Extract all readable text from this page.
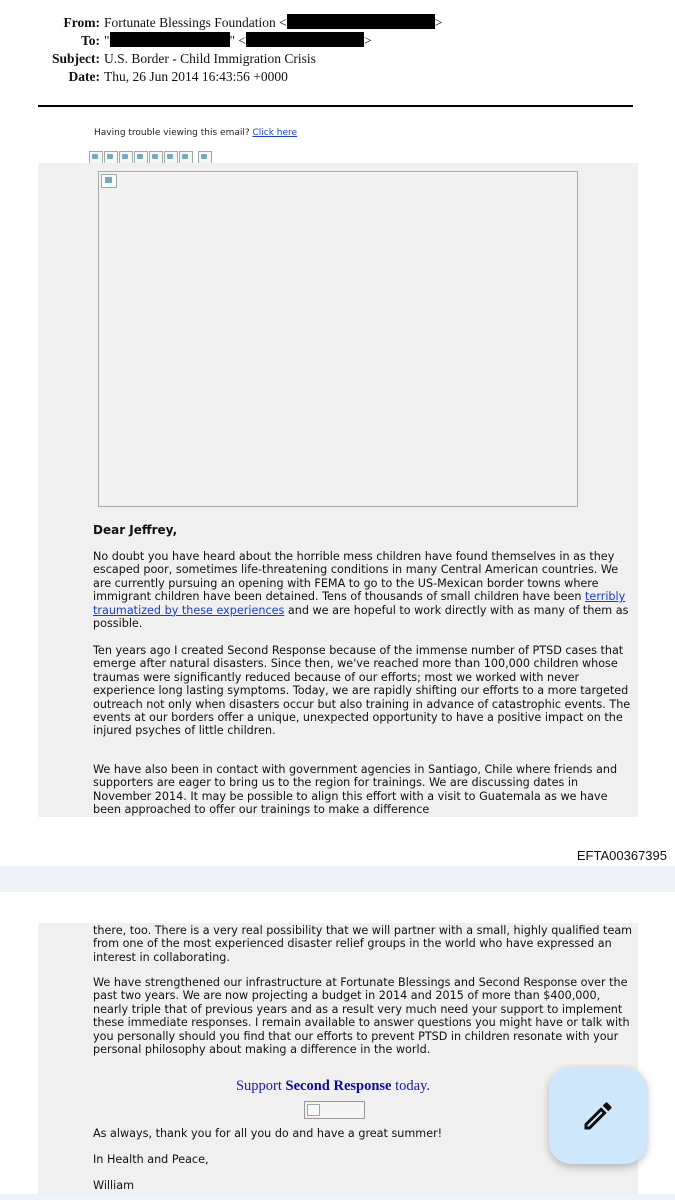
From: Fortunate Blessings Foundation <	>
To: "	" <	>
Subject: U.S. Border - Child Immigration Crisis
Date: Thu, 26 Jun 2014 16:43:56 +0000
Having trouble viewing this email? Click here
Dear Jeffrey,
No doubt you have heard about the horrible mess children have found themselves in as they escaped poor, sometimes life-threatening conditions in many Central American countries. We are currently pursuing an opening with FEMA to go to the US-Mexican border towns where immigrant children have been detained. Tens of thousands of small children have been terribly traumatized by these experiences and we are hopeful to work directly with as many of them as possible.
Ten years ago I created Second Response because of the immense number of PTSD cases that emerge after natural disasters. Since then, we've reached more than 100,000 children whose traumas were significantly reduced because of our efforts; most we worked with never experience long lasting symptoms. Today, we are rapidly shifting our efforts to a more targeted outreach not only when disasters occur but also training in advance of catastrophic events. The events at our borders offer a unique, unexpected opportunity to have a positive impact on the injured psyches of little children.
We have also been in contact with government agencies in Santiago, Chile where friends and supporters are eager to bring us to the region for trainings. We are discussing dates in November 2014. It may be possible to align this effort with a visit to Guatemala as we have been approached to offer our trainings to make a difference
EFTA00367395
there, too. There is a very real possibility that we will partner with a small, highly qualified team from one of the most experienced disaster relief groups in the world who have expressed an interest in collaborating.
We have strengthened our infrastructure at Fortunate Blessings and Second Response over the past two years. We are now projecting a budget in 2014 and 2015 of more than $400,000, nearly triple that of previous years and as a result very much need your support to implement these immediate responses. I remain available to answer questions you might have or talk with you personally should you find that our efforts to prevent PTSD in children resonate with your personal philosophy about making a difference in the world.
Support Second Response today.
As always, thank you for all you do and have a great summer!
In Health and Peace,
William
